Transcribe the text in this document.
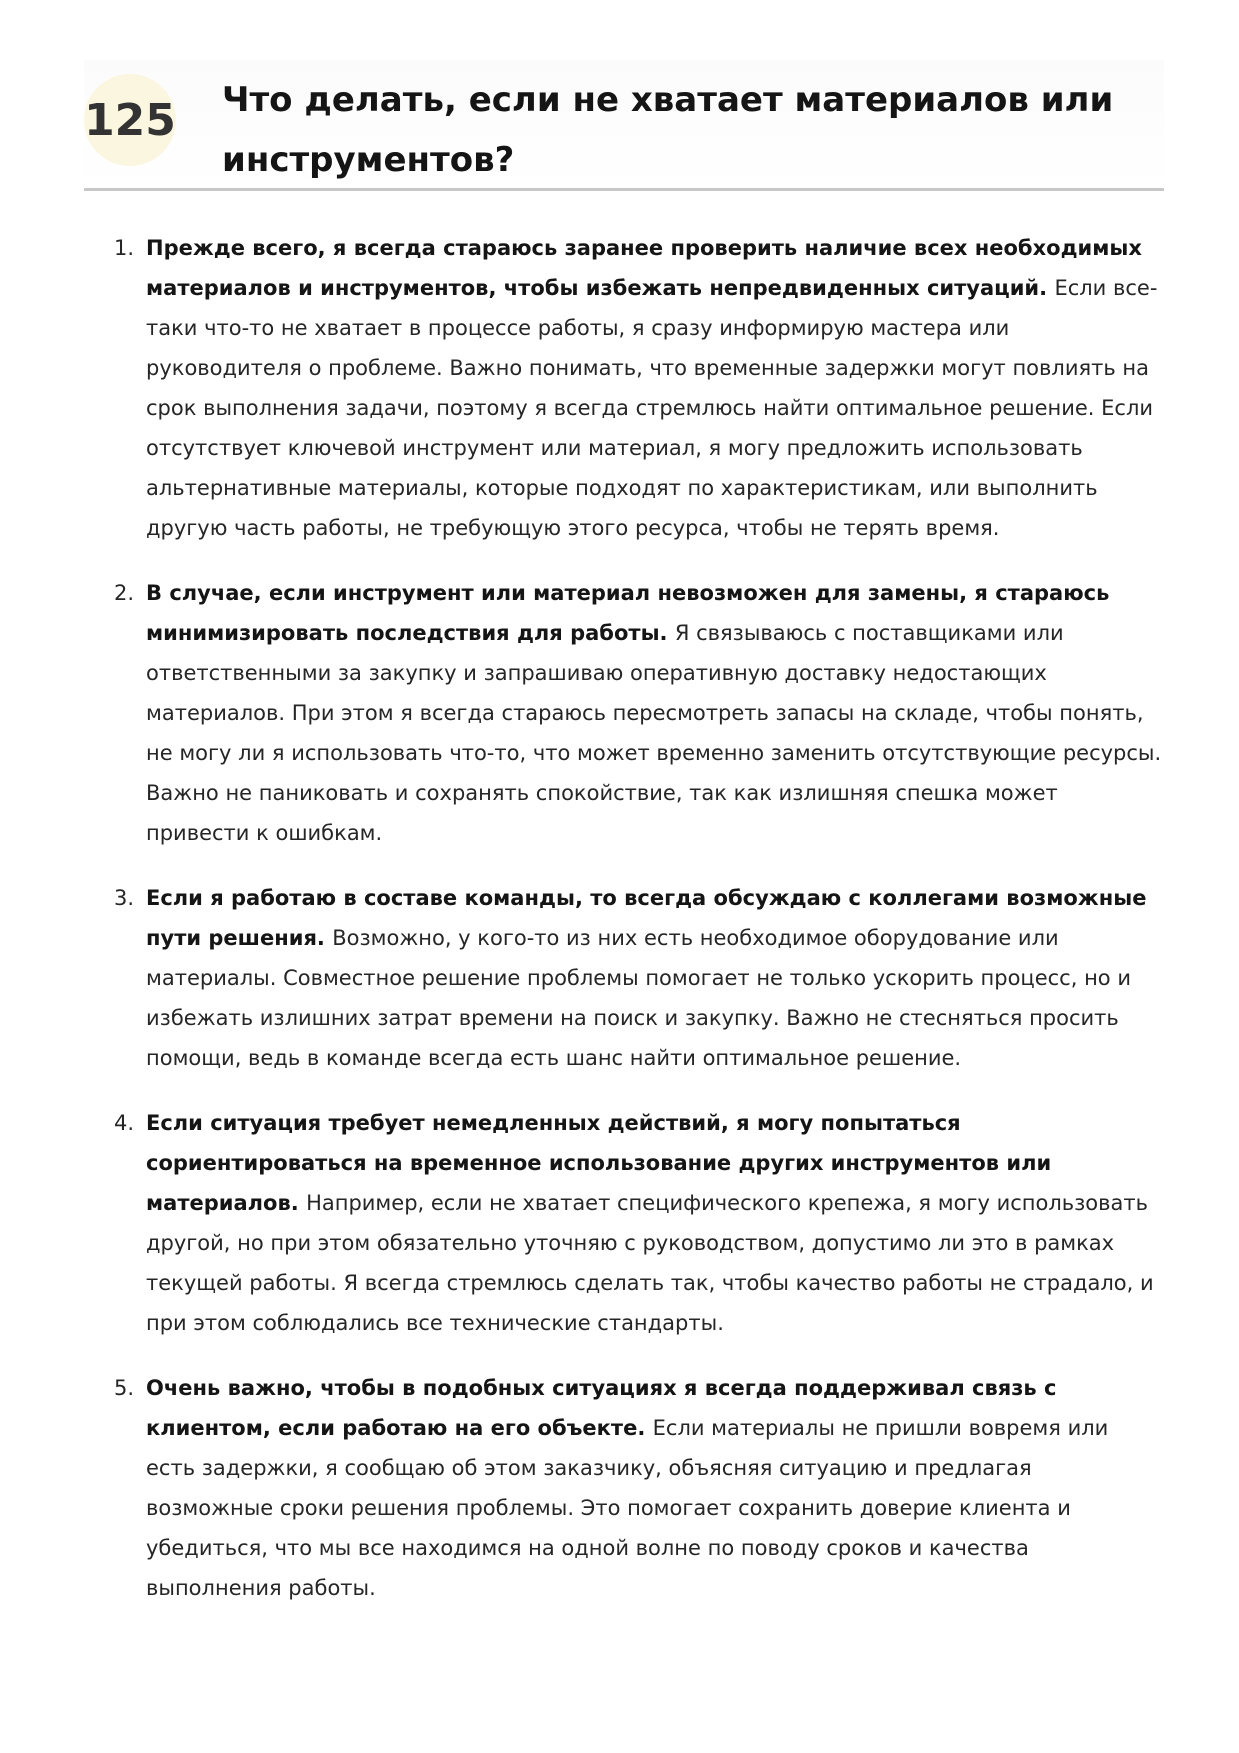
125 Что делать, если не хватает материалов или инструментов?
1. Прежде всего, я всегда стараюсь заранее проверить наличие всех необходимых материалов и инструментов, чтобы избежать непредвиденных ситуаций. Если все-таки что-то не хватает в процессе работы, я сразу информирую мастера или руководителя о проблеме. Важно понимать, что временные задержки могут повлиять на срок выполнения задачи, поэтому я всегда стремлюсь найти оптимальное решение. Если отсутствует ключевой инструмент или материал, я могу предложить использовать альтернативные материалы, которые подходят по характеристикам, или выполнить другую часть работы, не требующую этого ресурса, чтобы не терять время.
2. В случае, если инструмент или материал невозможен для замены, я стараюсь минимизировать последствия для работы. Я связываюсь с поставщиками или ответственными за закупку и запрашиваю оперативную доставку недостающих материалов. При этом я всегда стараюсь пересмотреть запасы на складе, чтобы понять, не могу ли я использовать что-то, что может временно заменить отсутствующие ресурсы. Важно не паниковать и сохранять спокойствие, так как излишняя спешка может привести к ошибкам.
3. Если я работаю в составе команды, то всегда обсуждаю с коллегами возможные пути решения. Возможно, у кого-то из них есть необходимое оборудование или материалы. Совместное решение проблемы помогает не только ускорить процесс, но и избежать излишних затрат времени на поиск и закупку. Важно не стесняться просить помощи, ведь в команде всегда есть шанс найти оптимальное решение.
4. Если ситуация требует немедленных действий, я могу попытаться сориентироваться на временное использование других инструментов или материалов. Например, если не хватает специфического крепежа, я могу использовать другой, но при этом обязательно уточняю с руководством, допустимо ли это в рамках текущей работы. Я всегда стремлюсь сделать так, чтобы качество работы не страдало, и при этом соблюдались все технические стандарты.
5. Очень важно, чтобы в подобных ситуациях я всегда поддерживал связь с клиентом, если работаю на его объекте. Если материалы не пришли вовремя или есть задержки, я сообщаю об этом заказчику, объясняя ситуацию и предлагая возможные сроки решения проблемы. Это помогает сохранить доверие клиента и убедиться, что мы все находимся на одной волне по поводу сроков и качества выполнения работы.
